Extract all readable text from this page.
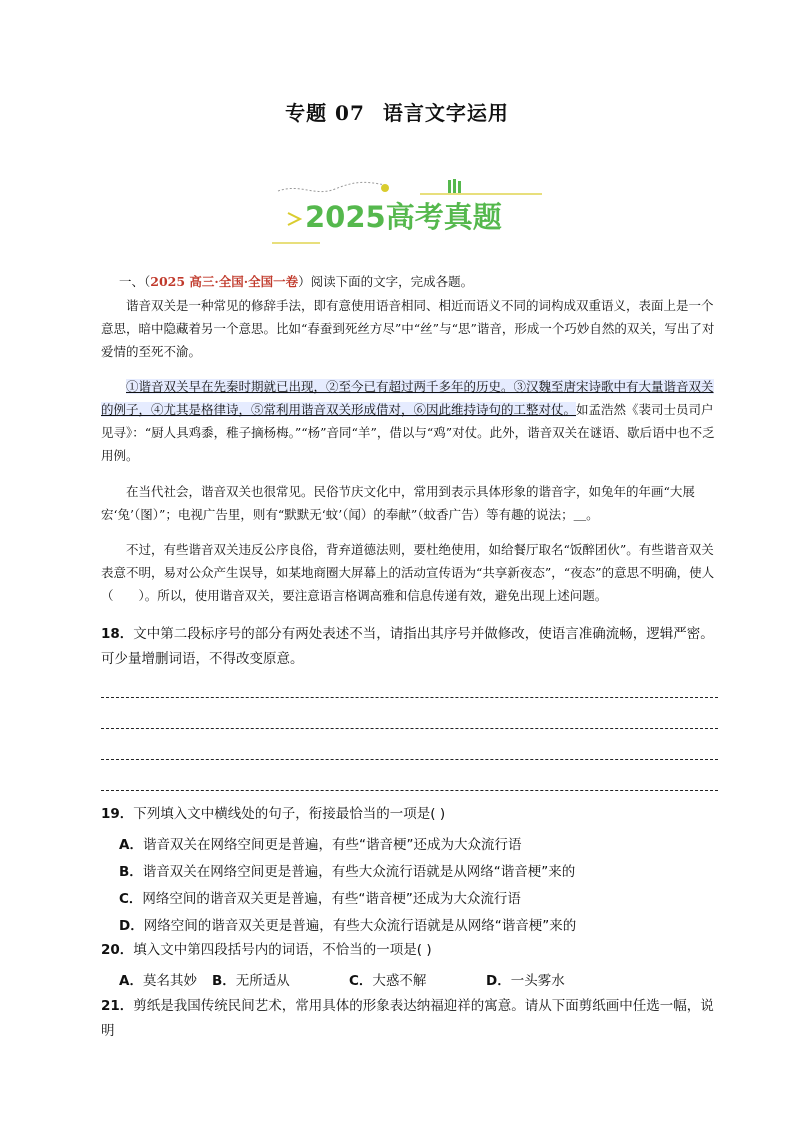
专题 07 语言文字运用
2025高考真题
一、（2025 高三·全国·全国一卷）阅读下面的文字，完成各题。
谐音双关是一种常见的修辞手法，即有意使用语音相同、相近而语义不同的词构成双重语义，表面上是一个意思，暗中隐藏着另一个意思。比如“春蚕到死丝方尽”中“丝”与“思”谐音，形成一个巧妙自然的双关，写出了对爱情的至死不渝。
①谐音双关早在先秦时期就已出现，②至今已有超过两千多年的历史。③汉魏至唐宋诗歌中有大量谐音双关的例子，④尤其是格律诗，⑤常利用谐音双关形成借对，⑥因此维持诗句的工整对仗。如孟浩然《裴司士员司户见寻》：“厨人具鸡黍，稚子摘杨梅。”“杨”音同“羊”，借以与“鸡”对仗。此外，谐音双关在谜语、歇后语中也不乏用例。
在当代社会，谐音双关也很常见。民俗节庆文化中，常用到表示具体形象的谐音字，如兔年的年画“大展宏‘兔’（图）”；电视广告里，则有“默默无‘蚊’（闻）的奉献”（蚊香广告）等有趣的说法；＿。
不过，有些谐音双关违反公序良俗，背弃道德法则，要杜绝使用，如给餐厅取名“饭醉团伙”。有些谐音双关表意不明，易对公众产生误导，如某地商圈大屏幕上的活动宣传语为“共享新夜态”，“夜态”的意思不明确，使人（　　）。所以，使用谐音双关，要注意语言格调高雅和信息传递有效，避免出现上述问题。
18．文中第二段标序号的部分有两处表述不当，请指出其序号并做修改，使语言准确流畅，逻辑严密。可少量增删词语，不得改变原意。
19．下列填入文中横线处的句子，衔接最恰当的一项是( )
A．谐音双关在网络空间更是普遍，有些“谐音梗”还成为大众流行语
B．谐音双关在网络空间更是普遍，有些大众流行语就是从网络“谐音梗”来的
C．网络空间的谐音双关更是普遍，有些“谐音梗”还成为大众流行语
D．网络空间的谐音双关更是普遍，有些大众流行语就是从网络“谐音梗”来的
20．填入文中第四段括号内的词语，不恰当的一项是( )
A．莫名其妙 B．无所适从	C．大惑不解	D．一头雾水
21．剪纸是我国传统民间艺术，常用具体的形象表达纳福迎祥的寓意。请从下面剪纸画中任选一幅，说明
